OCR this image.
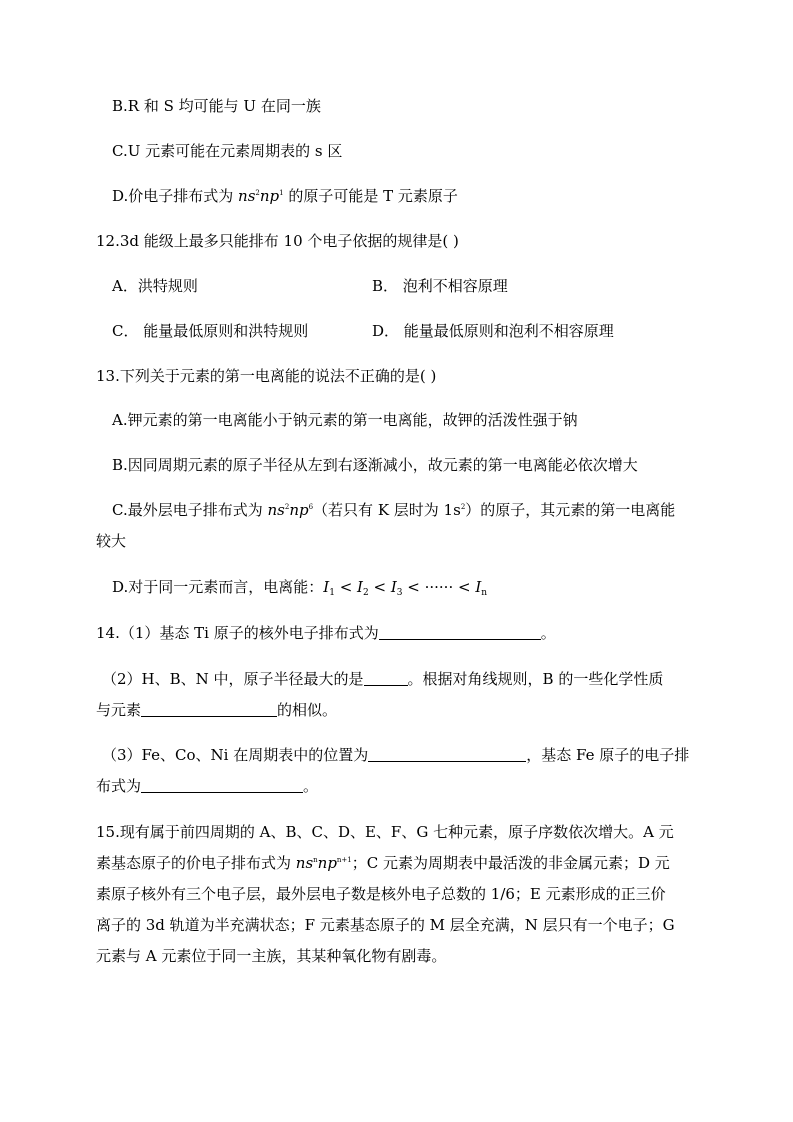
B.R 和 S 均可能与 U 在同一族
C.U 元素可能在元素周期表的 s 区
D.价电子排布式为 $ns^2np^1$ 的原子可能是 T 元素原子
12.3d 能级上最多只能排布 10 个电子依据的规律是( )
A．洪特规则	B． 泡利不相容原理
C． 能量最低原则和洪特规则	D． 能量最低原则和泡利不相容原理
13.下列关于元素的第一电离能的说法不正确的是( )
A.钾元素的第一电离能小于钠元素的第一电离能，故钾的活泼性强于钠
B.因同周期元素的原子半径从左到右逐渐减小，故元素的第一电离能必依次增大
C.最外层电子排布式为 $ns^2np^6$（若只有 K 层时为 $1s^2$）的原子，其元素的第一电离能
较大
D.对于同一元素而言，电离能：$I_1 < I_2 < I_3$ < ······ < $I_n$
14.（1）基态 Ti 原子的核外电子排布式为	。
（2）H、B、N 中，原子半径最大的是	。根据对角线规则，B 的一些化学性质
与元素	的相似。
（3）Fe、Co、Ni 在周期表中的位置为	，基态 Fe 原子的电子排
布式为	。
15.现有属于前四周期的 A、B、C、D、E、F、G 七种元素，原子序数依次增大。A 元
素基态原子的价电子排布式为 $ns^nnp^{n+1}$；C 元素为周期表中最活泼的非金属元素；D 元
素原子核外有三个电子层，最外层电子数是核外电子总数的 1/6；E 元素形成的正三价
离子的 3d 轨道为半充满状态；F 元素基态原子的 M 层全充满，N 层只有一个电子；G
元素与 A 元素位于同一主族，其某种氧化物有剧毒。
